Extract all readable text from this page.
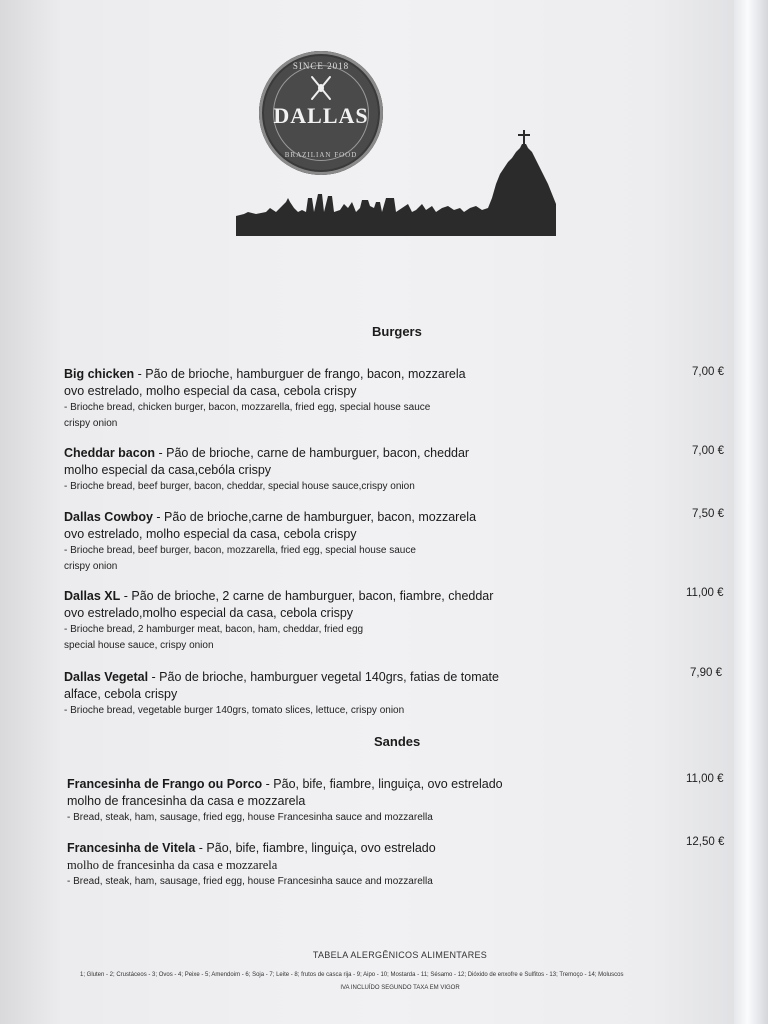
SINCE 2018
DALLAS
BRAZILIAN FOOD
Burgers
Big chicken - Pão de brioche, hamburguer de frango, bacon, mozzarela
ovo estrelado, molho especial da casa, cebola crispy
- Brioche bread, chicken burger, bacon, mozzarella, fried egg, special house sauce
crispy onion
7,00 €
Cheddar bacon - Pão de brioche, carne de hamburguer, bacon, cheddar
molho especial da casa,cebóla crispy
- Brioche bread, beef burger, bacon, cheddar, special house sauce,crispy onion
7,00 €
Dallas Cowboy - Pão de brioche,carne de hamburguer, bacon, mozzarela
ovo estrelado, molho especial da casa, cebola crispy
- Brioche bread, beef burger, bacon, mozzarella, fried egg, special house sauce
crispy onion
7,50 €
Dallas XL - Pão de brioche, 2 carne de hamburguer, bacon, fiambre, cheddar
ovo estrelado,molho especial da casa, cebola crispy
- Brioche bread, 2 hamburger meat, bacon, ham, cheddar, fried egg
special house sauce, crispy onion
11,00 €
Dallas Vegetal - Pão de brioche, hamburguer vegetal 140grs, fatias de tomate
alface, cebola crispy
- Brioche bread, vegetable burger 140grs, tomato slices, lettuce, crispy onion
7,90 €
Sandes
Francesinha de Frango ou Porco - Pão, bife, fiambre, linguiça, ovo estrelado
molho de francesinha da casa e mozzarela
- Bread, steak, ham, sausage, fried egg, house Francesinha sauce and mozzarella
11,00 €
Francesinha de Vitela - Pão, bife, fiambre, linguiça, ovo estrelado
molho de francesinha da casa e mozzarela
- Bread, steak, ham, sausage, fried egg, house Francesinha sauce and mozzarella
12,50 €
TABELA ALERGÊNICOS ALIMENTARES
1; Gluten - 2; Crustáceos - 3; Ovos - 4; Peixe - 5; Amendoim - 6; Soja - 7; Leite - 8; frutos de casca rija - 9; Aipo - 10; Mostarda - 11; Sésamo - 12; Dióxido de enxofre e Sulfitos - 13; Tremoço - 14; Moluscos
IVA INCLUÍDO SEGUNDO TAXA EM VIGOR
